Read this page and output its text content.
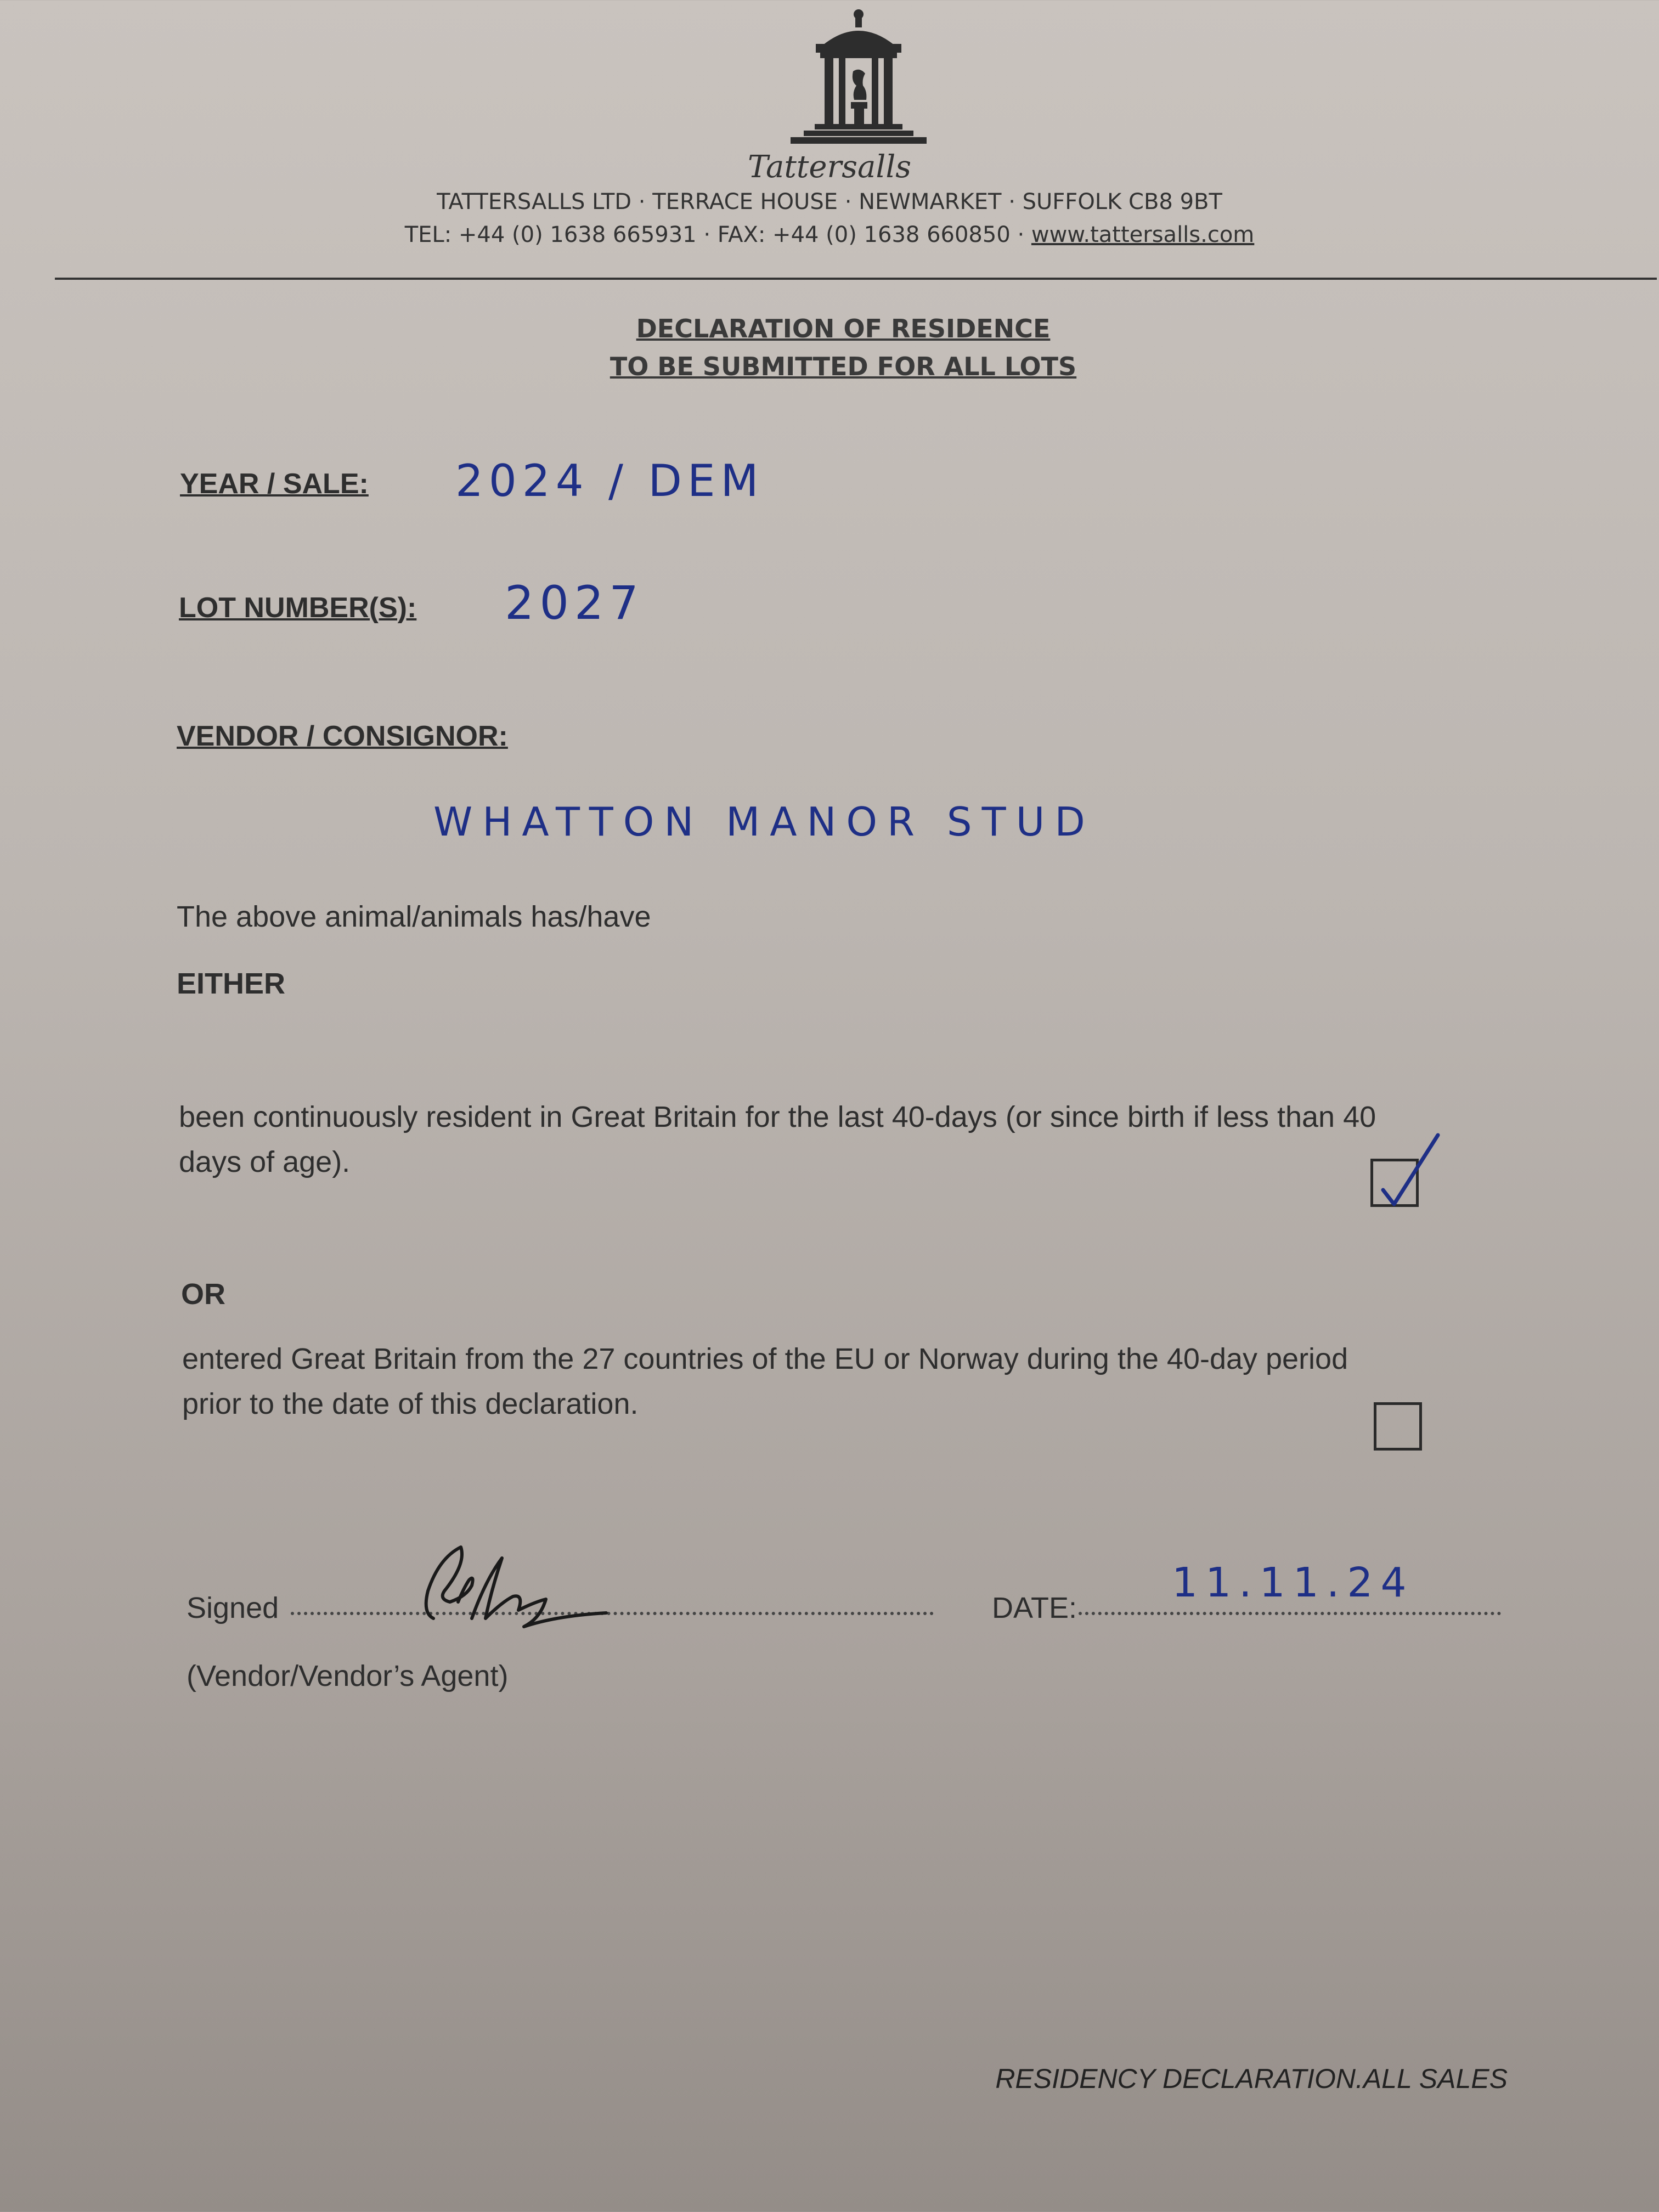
Tattersalls
TATTERSALLS LTD · TERRACE HOUSE · NEWMARKET · SUFFOLK CB8 9BT
TEL: +44 (0) 1638 665931 · FAX: +44 (0) 1638 660850 · www.tattersalls.com
DECLARATION OF RESIDENCE
TO BE SUBMITTED FOR ALL LOTS
YEAR / SALE: 2024 / DEM
LOT NUMBER(S): 2027
VENDOR / CONSIGNOR:
WHATTON MANOR STUD
The above animal/animals has/have
EITHER
been continuously resident in Great Britain for the last 40-days (or since birth if less than 40
days of age).
OR
entered Great Britain from the 27 countries of the EU or Norway during the 40-day period
prior to the date of this declaration.
Signed
(Vendor/Vendor’s Agent)
DATE:
11.11.24
RESIDENCY DECLARATION.ALL SALES
